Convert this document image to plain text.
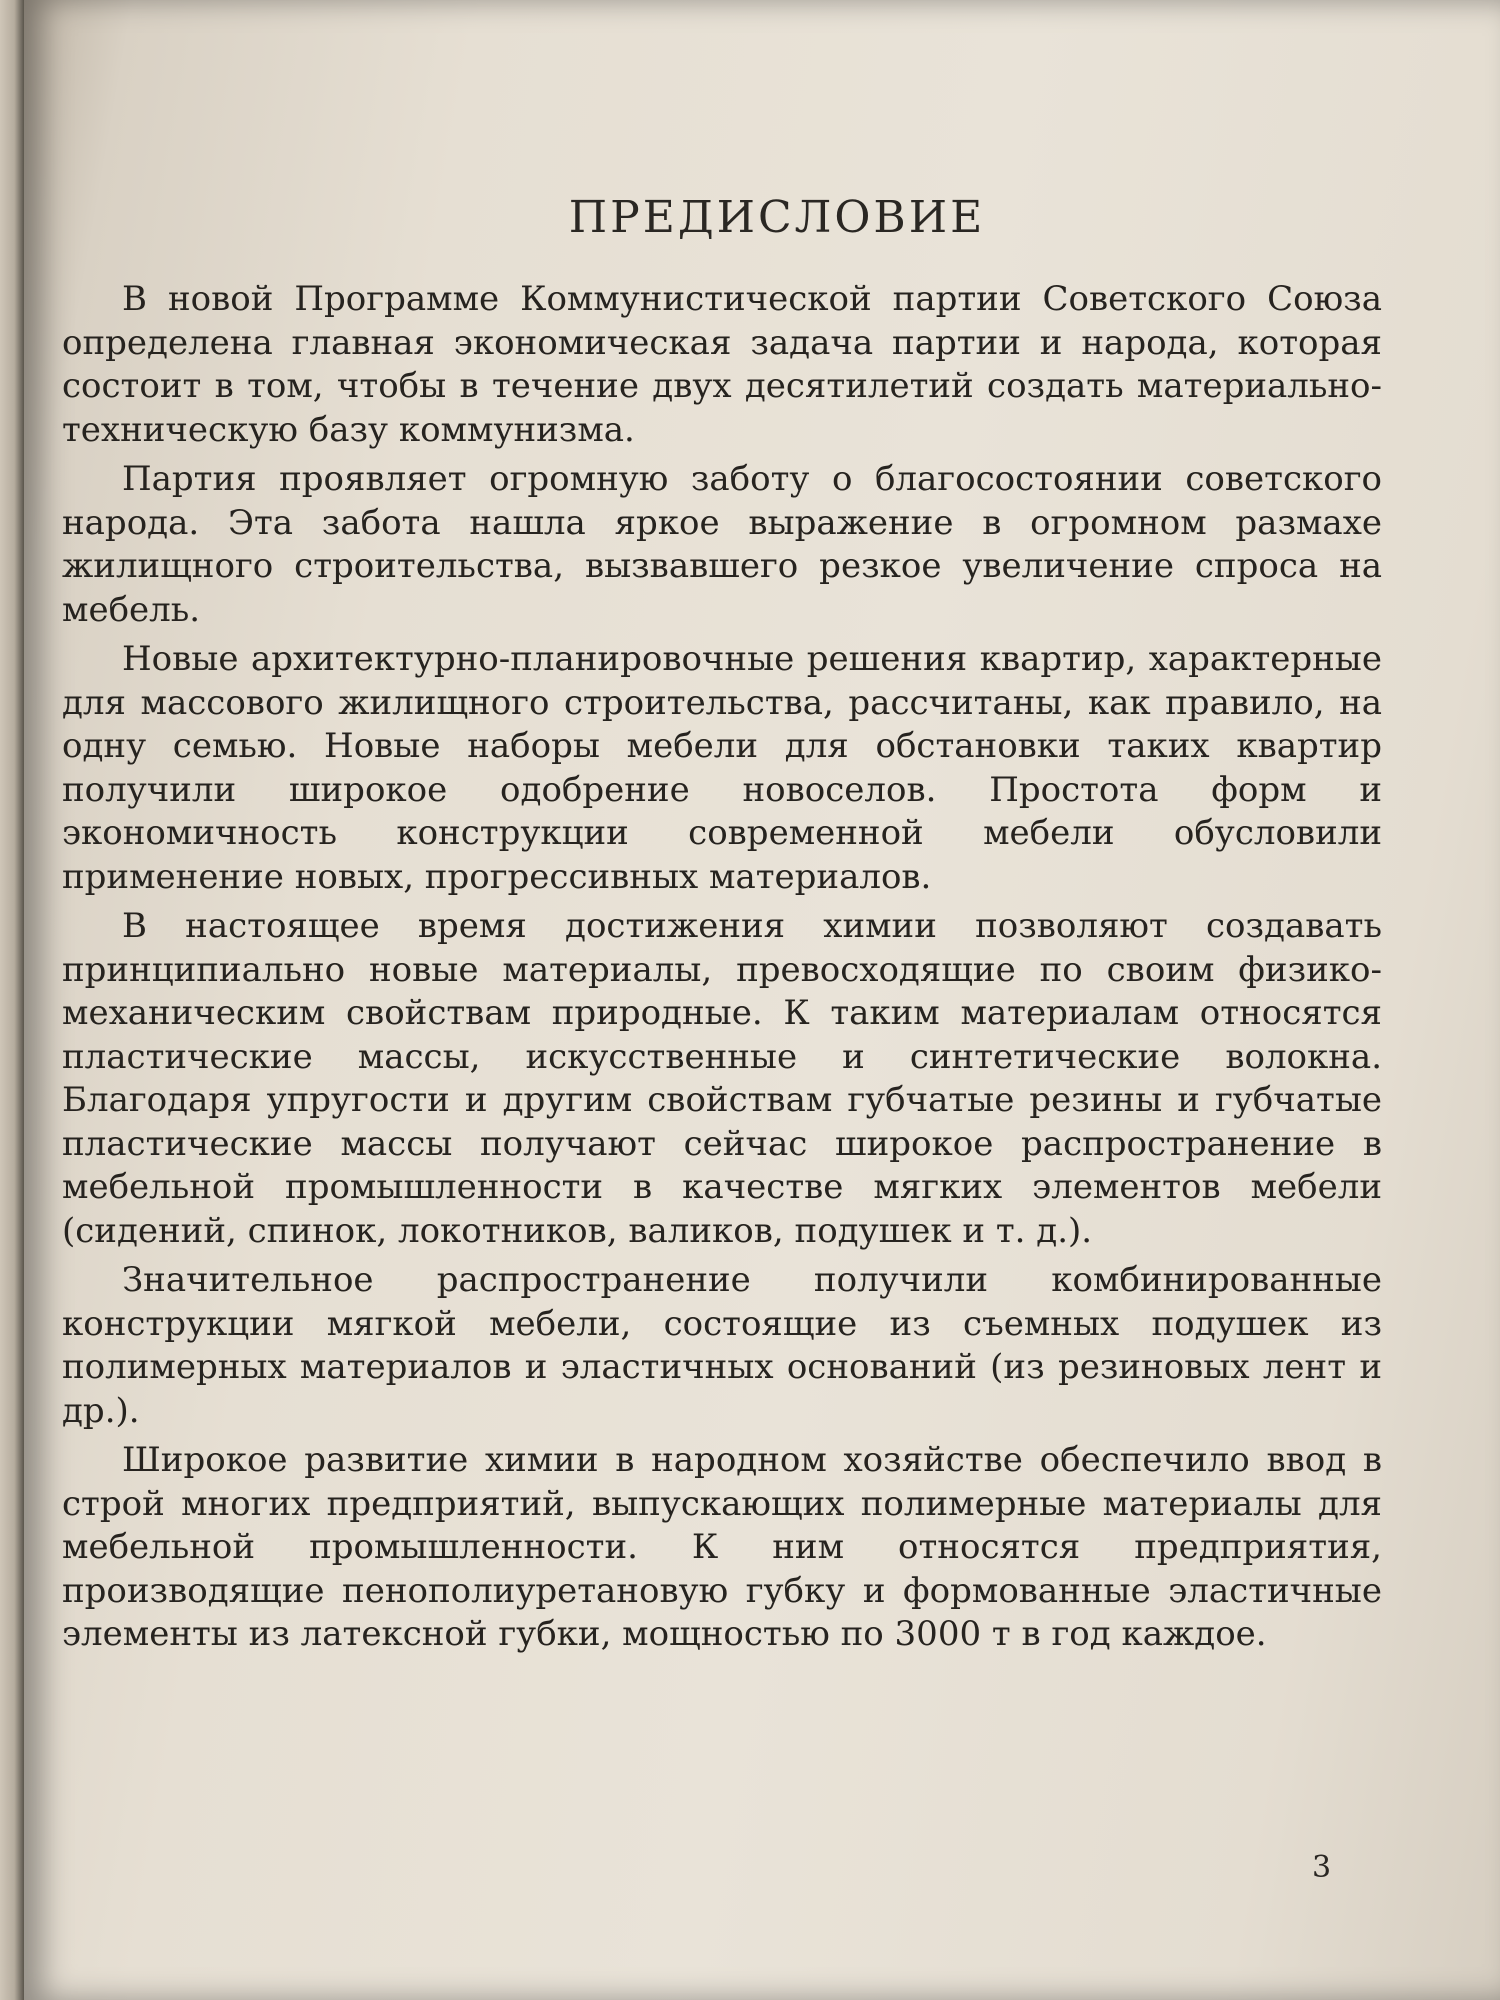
ПРЕДИСЛОВИЕ

В новой Программе Коммунистической партии Советского Союза определена главная экономическая задача партии и народа, которая состоит в том, чтобы в течение двух десятилетий создать материально-техническую базу коммунизма.

Партия проявляет огромную заботу о благосостоянии советского народа. Эта забота нашла яркое выражение в огромном размахе жилищного строительства, вызвавшего резкое увеличение спроса на мебель.

Новые архитектурно-планировочные решения квартир, характерные для массового жилищного строительства, рассчитаны, как правило, на одну семью. Новые наборы мебели для обстановки таких квартир получили широкое одобрение новоселов. Простота форм и экономичность конструкции современной мебели обусловили применение новых, прогрессивных материалов.

В настоящее время достижения химии позволяют создавать принципиально новые материалы, превосходящие по своим физико-механическим свойствам природные. К таким материалам относятся пластические массы, искусственные и синтетические волокна. Благодаря упругости и другим свойствам губчатые резины и губчатые пластические массы получают сейчас широкое распространение в мебельной промышленности в качестве мягких элементов мебели (сидений, спинок, локотников, валиков, подушек и т. д.).

Значительное распространение получили комбинированные конструкции мягкой мебели, состоящие из съемных подушек из полимерных материалов и эластичных оснований (из резиновых лент и др.).

Широкое развитие химии в народном хозяйстве обеспечило ввод в строй многих предприятий, выпускающих полимерные материалы для мебельной промышленности. К ним относятся предприятия, производящие пенополиуретановую губку и формованные эластичные элементы из латексной губки, мощностью по 3000 т в год каждое.

3
